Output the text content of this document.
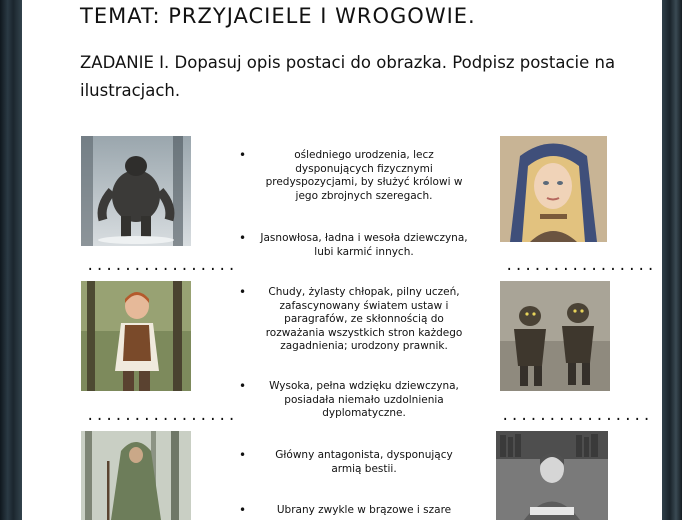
TEMAT: PRZYJACIELE I WROGOWIE.
ZADANIE I. Dopasuj opis postaci do obrazka. Podpisz postacie na ilustracjach.
................	................
................	................
•	ośledniego urodzenia, lecz dysponujących fizycznymi predyspozycjami, by służyć królowi w jego zbrojnych szeregach.
•	Jasnowłosa, ładna i wesoła dziewczyna, lubi karmić innych.
•	Chudy, żylasty chłopak, pilny uczeń, zafascynowany światem ustaw i paragrafów, ze skłonnością do rozważania wszystkich stron każdego zagadnienia; urodzony prawnik.
•	Wysoka, pełna wdzięku dziewczyna, posiadała niemało uzdolnienia dyplomatyczne.
•	Główny antagonista, dysponujący armią bestii.
•	Ubrany zwykle w brązowe i szare
